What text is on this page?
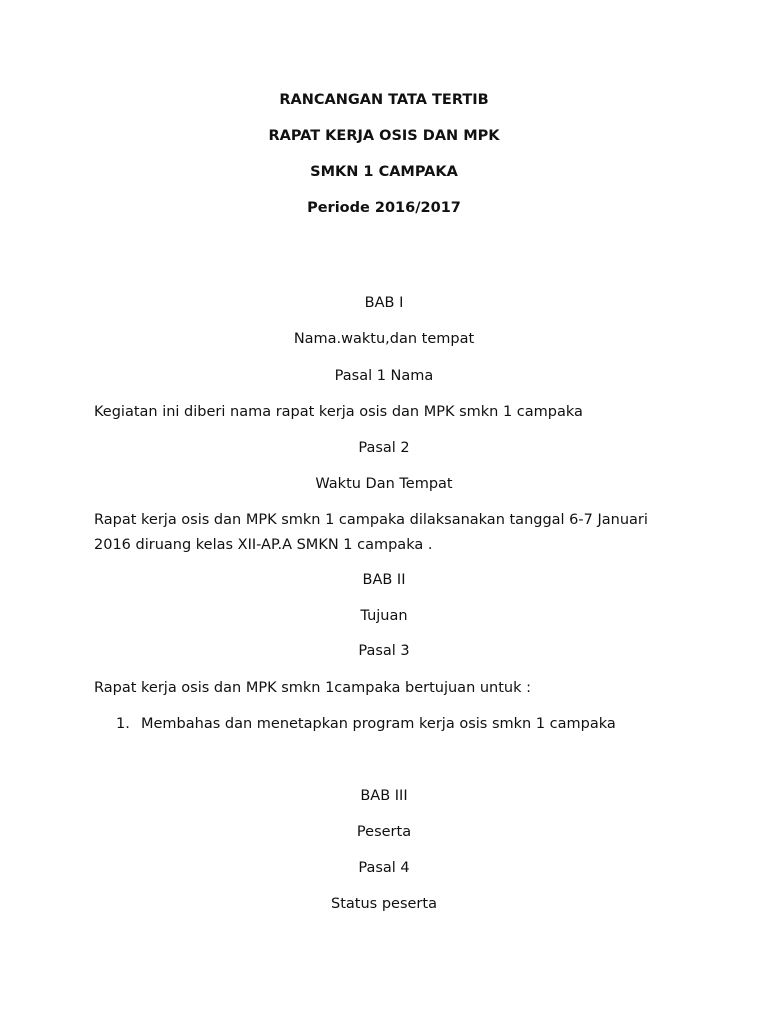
RANCANGAN TATA TERTIB
RAPAT KERJA OSIS DAN MPK
SMKN 1 CAMPAKA
Periode 2016/2017
BAB I
Nama.waktu,dan tempat
Pasal 1 Nama
Kegiatan ini diberi nama rapat kerja osis dan MPK smkn 1 campaka
Pasal 2
Waktu Dan Tempat
Rapat kerja osis dan MPK smkn 1 campaka dilaksanakan tanggal 6-7 Januari
2016 diruang kelas XII-AP.A SMKN 1 campaka .
BAB II
Tujuan
Pasal 3
Rapat kerja osis dan MPK smkn 1campaka bertujuan untuk :
1. Membahas dan menetapkan program kerja osis smkn 1 campaka
BAB III
Peserta
Pasal 4
Status peserta
